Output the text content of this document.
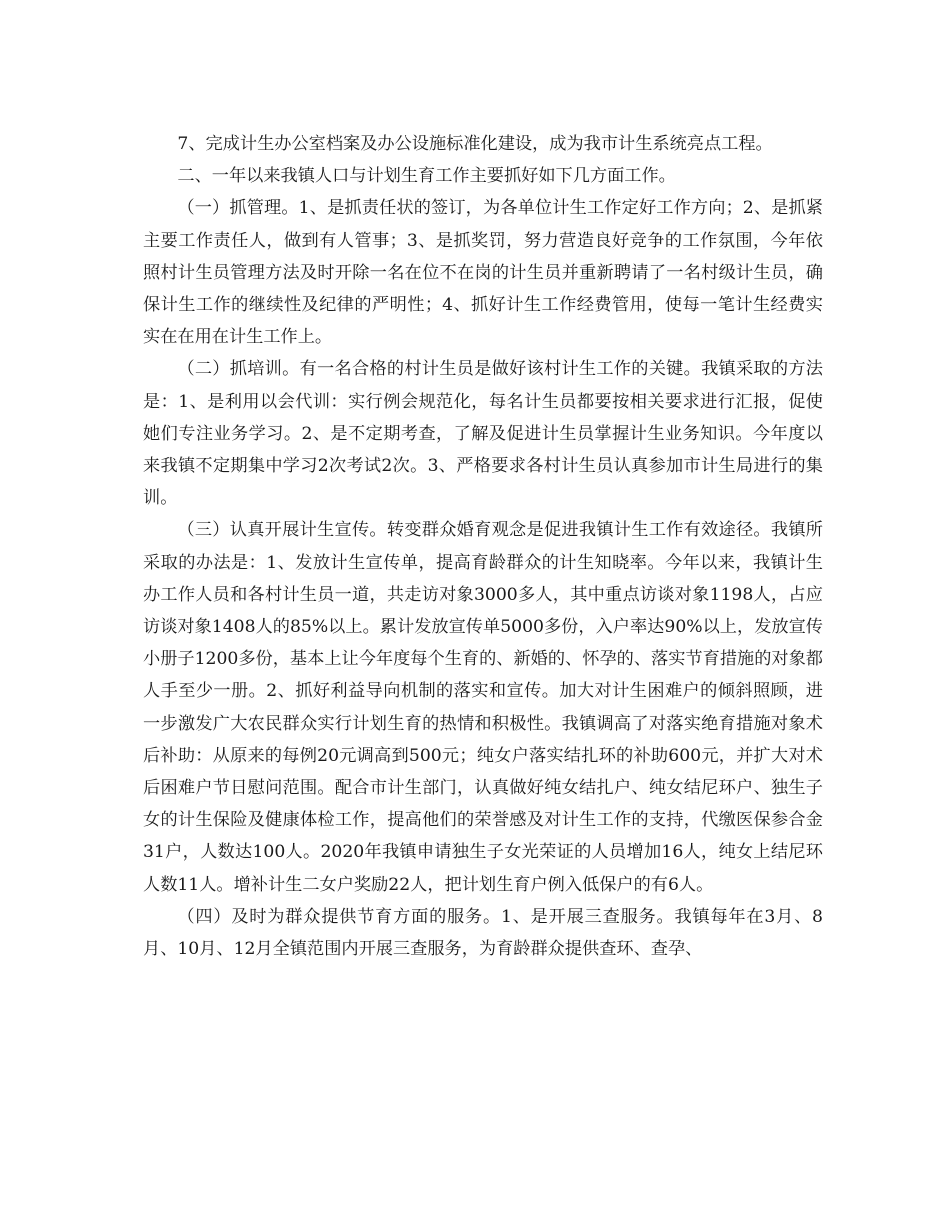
7、完成计生办公室档案及办公设施标准化建设，成为我市计生系统亮点工程。

二、一年以来我镇人口与计划生育工作主要抓好如下几方面工作。

（一）抓管理。1、是抓责任状的签订，为各单位计生工作定好工作方向；2、是抓紧主要工作责任人，做到有人管事；3、是抓奖罚，努力营造良好竞争的工作氛围，今年依照村计生员管理方法及时开除一名在位不在岗的计生员并重新聘请了一名村级计生员，确保计生工作的继续性及纪律的严明性；4、抓好计生工作经费管用，使每一笔计生经费实实在在用在计生工作上。

（二）抓培训。有一名合格的村计生员是做好该村计生工作的关键。我镇采取的方法是：1、是利用以会代训：实行例会规范化，每名计生员都要按相关要求进行汇报，促使她们专注业务学习。2、是不定期考查，了解及促进计生员掌握计生业务知识。今年度以来我镇不定期集中学习2次考试2次。3、严格要求各村计生员认真参加市计生局进行的集训。

（三）认真开展计生宣传。转变群众婚育观念是促进我镇计生工作有效途径。我镇所采取的办法是：1、发放计生宣传单，提高育龄群众的计生知晓率。今年以来，我镇计生办工作人员和各村计生员一道，共走访对象3000多人，其中重点访谈对象1198人，占应访谈对象1408人的85%以上。累计发放宣传单5000多份，入户率达90%以上，发放宣传小册子1200多份，基本上让今年度每个生育的、新婚的、怀孕的、落实节育措施的对象都人手至少一册。2、抓好利益导向机制的落实和宣传。加大对计生困难户的倾斜照顾，进一步激发广大农民群众实行计划生育的热情和积极性。我镇调高了对落实绝育措施对象术后补助：从原来的每例20元调高到500元；纯女户落实结扎环的补助600元，并扩大对术后困难户节日慰问范围。配合市计生部门，认真做好纯女结扎户、纯女结尼环户、独生子女的计生保险及健康体检工作，提高他们的荣誉感及对计生工作的支持，代缴医保参合金31户，人数达100人。2020年我镇申请独生子女光荣证的人员增加16人，纯女上结尼环人数11人。增补计生二女户奖励22人，把计划生育户例入低保户的有6人。

（四）及时为群众提供节育方面的服务。1、是开展三查服务。我镇每年在3月、8月、10月、12月全镇范围内开展三查服务，为育龄群众提供查环、查孕、
